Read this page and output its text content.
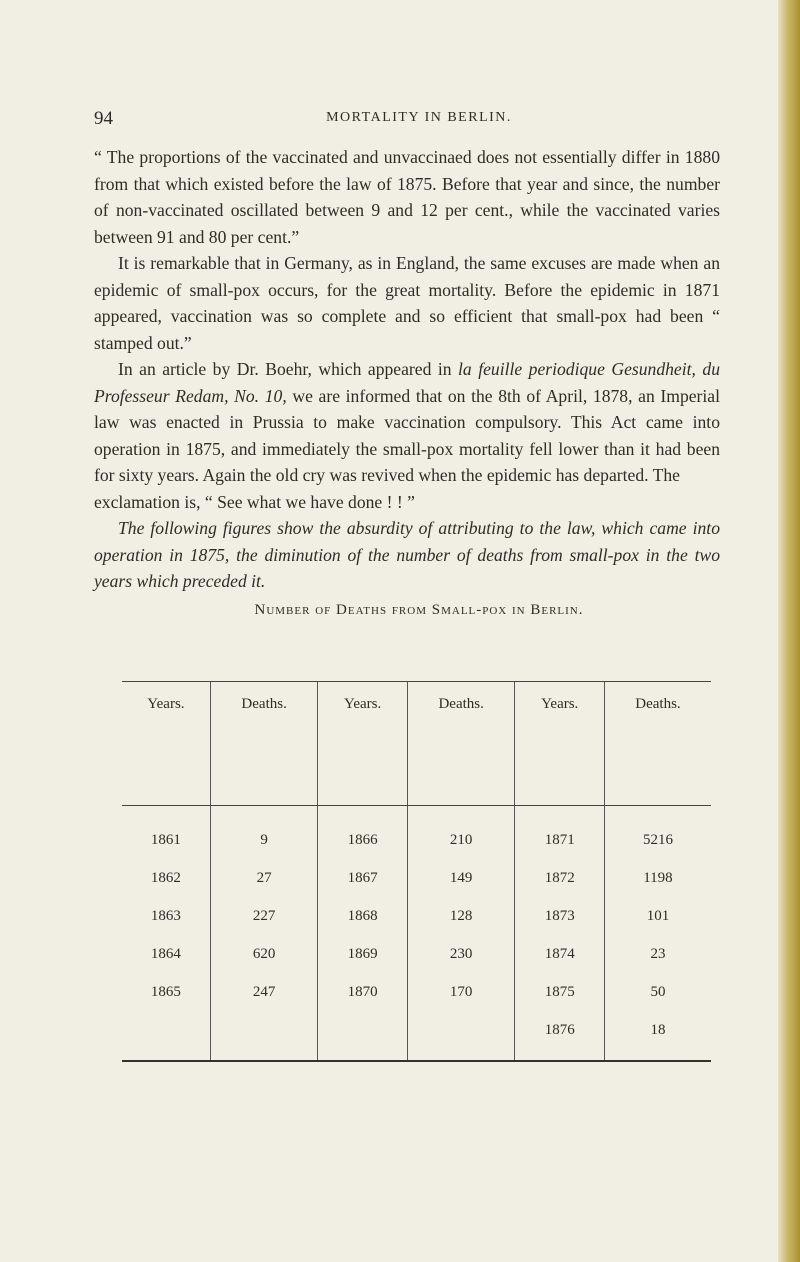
94	MORTALITY IN BERLIN.

“ The proportions of the vaccinated and unvaccinaed does not essentially differ in 1880 from that which existed before the law of 1875. Before that year and since, the number of non-vaccinated oscillated between 9 and 12 per cent., while the vaccinated varies between 91 and 80 per cent.”

It is remarkable that in Germany, as in England, the same excuses are made when an epidemic of small-pox occurs, for the great mortality. Before the epidemic in 1871 appeared, vaccination was so complete and so efficient that small-pox had been “ stamped out.”

In an article by Dr. Boehr, which appeared in la feuille periodique Gesundheit, du Professeur Redam, No. 10, we are informed that on the 8th of April, 1878, an Imperial law was enacted in Prussia to make vaccination compulsory. This Act came into operation in 1875, and immediately the small-pox mortality fell lower than it had been for sixty years. Again the old cry was revived when the epidemic has departed. The

exclamation is, “ See what we have done ! ! ”

The following figures show the absurdity of attributing to the law, which came into operation in 1875, the diminution of the number of deaths from small-pox in the two years which preceded it.

Number of Deaths from Small-pox in Berlin.

Years.	Deaths.	Years.	Deaths.	Years.	Deaths.
1861	9	1866	210	1871	5216
1862	27	1867	149	1872	1198
1863	227	1868	128	1873	101
1864	620	1869	230	1874	23
1865	247	1870	170	1875	50
				1876	18
